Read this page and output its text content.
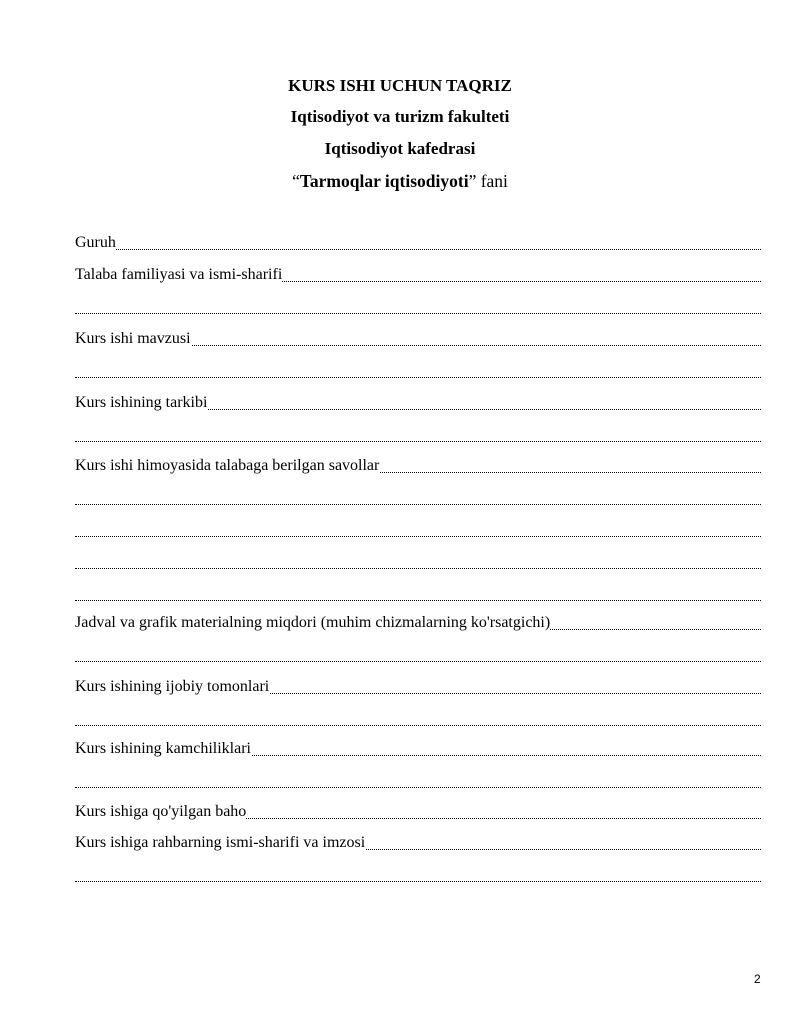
KURS ISHI UCHUN TAQRIZ
Iqtisodiyot va turizm fakulteti
Iqtisodiyot kafedrasi
“Tarmoqlar iqtisodiyoti” fani
Guruh
Talaba familiyasi va ismi-sharifi
Kurs ishi mavzusi
Kurs ishining tarkibi
Kurs ishi himoyasida talabaga berilgan savollar
Jadval va grafik materialning miqdori (muhim chizmalarning ko'rsatgichi)
Kurs ishining ijobiy tomonlari
Kurs ishining kamchiliklari
Kurs ishiga qo'yilgan baho
Kurs ishiga rahbarning ismi-sharifi va imzosi
2
